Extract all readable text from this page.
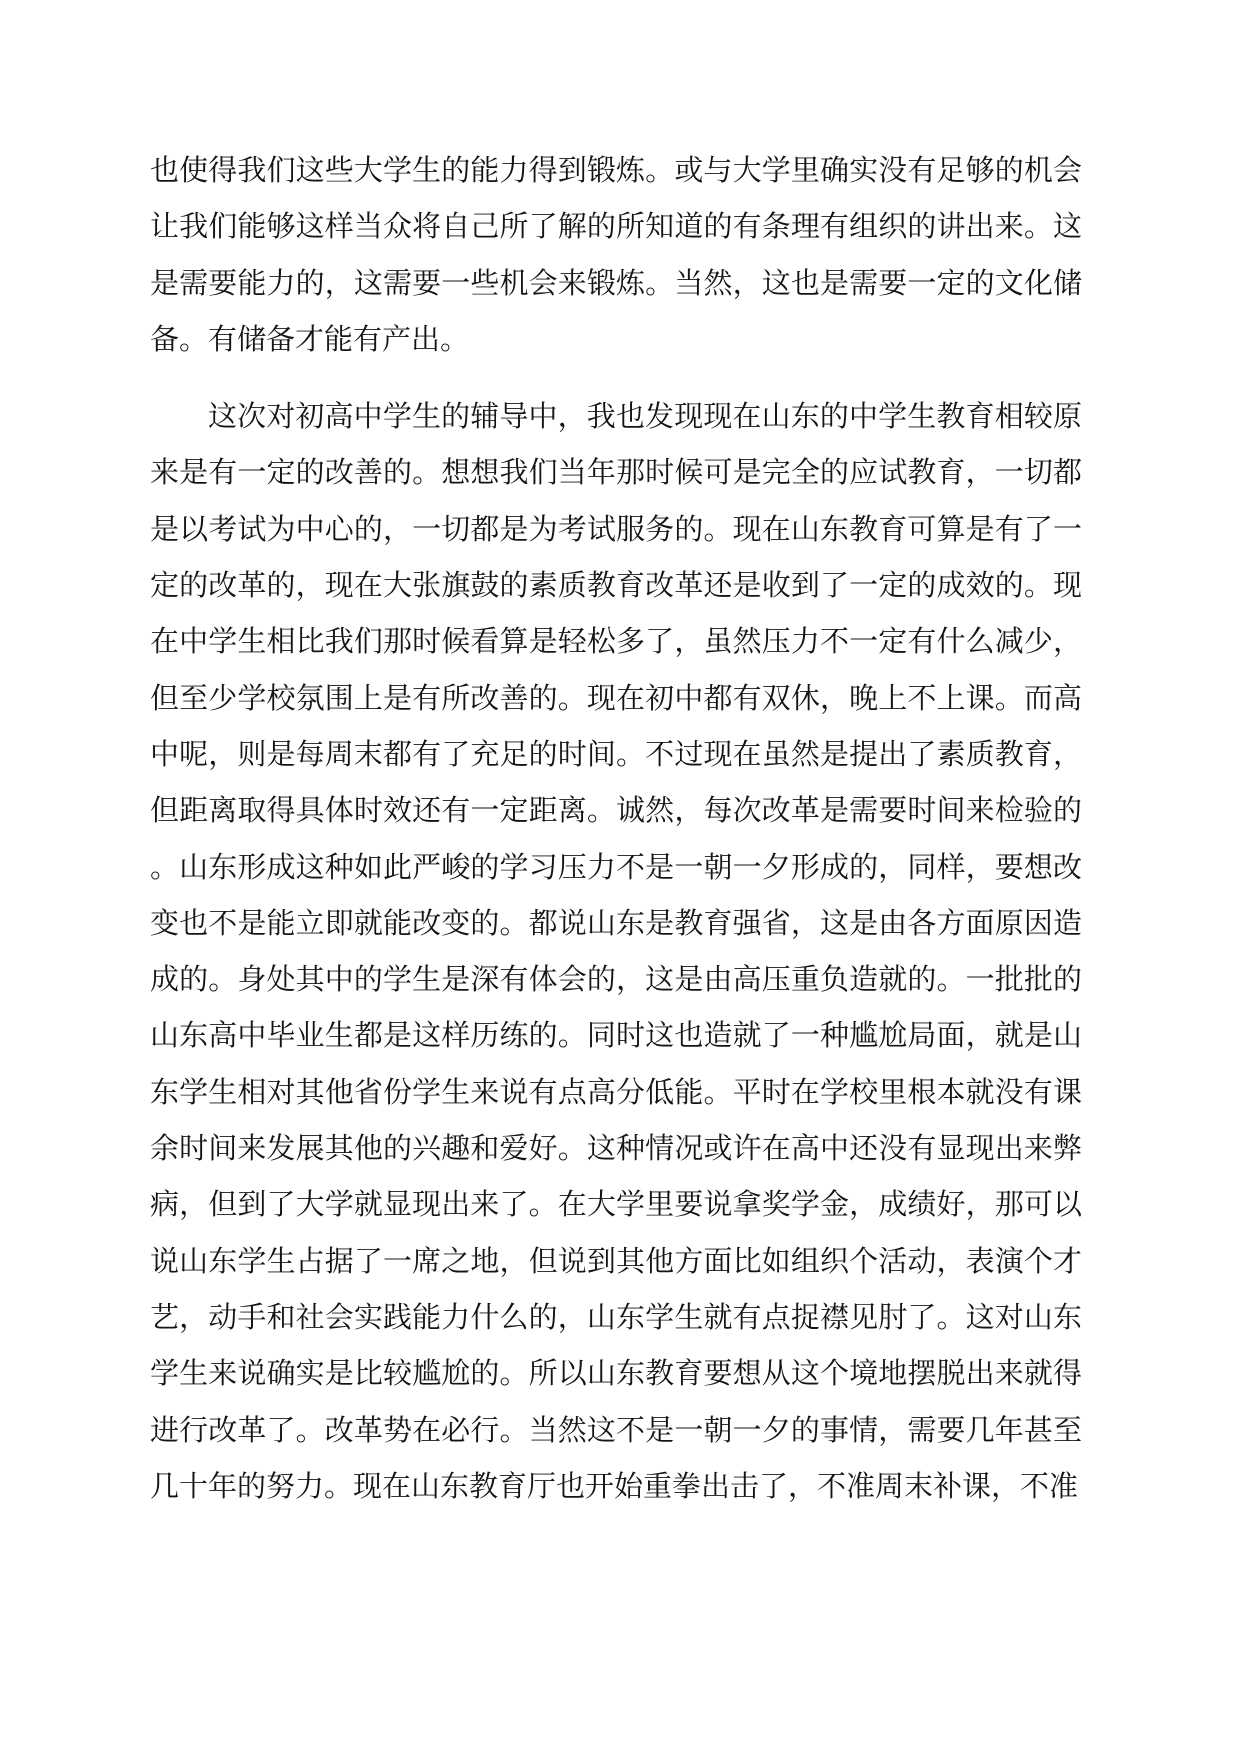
也使得我们这些大学生的能力得到锻炼。或与大学里确实没有足够的机会
让我们能够这样当众将自己所了解的所知道的有条理有组织的讲出来。这
是需要能力的，这需要一些机会来锻炼。当然，这也是需要一定的文化储
备。有储备才能有产出。
这次对初高中学生的辅导中，我也发现现在山东的中学生教育相较原
来是有一定的改善的。想想我们当年那时候可是完全的应试教育，一切都
是以考试为中心的，一切都是为考试服务的。现在山东教育可算是有了一
定的改革的，现在大张旗鼓的素质教育改革还是收到了一定的成效的。现
在中学生相比我们那时候看算是轻松多了，虽然压力不一定有什么减少，
但至少学校氛围上是有所改善的。现在初中都有双休，晚上不上课。而高
中呢，则是每周末都有了充足的时间。不过现在虽然是提出了素质教育，
但距离取得具体时效还有一定距离。诚然，每次改革是需要时间来检验的
。山东形成这种如此严峻的学习压力不是一朝一夕形成的，同样，要想改
变也不是能立即就能改变的。都说山东是教育强省，这是由各方面原因造
成的。身处其中的学生是深有体会的，这是由高压重负造就的。一批批的
山东高中毕业生都是这样历练的。同时这也造就了一种尴尬局面，就是山
东学生相对其他省份学生来说有点高分低能。平时在学校里根本就没有课
余时间来发展其他的兴趣和爱好。这种情况或许在高中还没有显现出来弊
病，但到了大学就显现出来了。在大学里要说拿奖学金，成绩好，那可以
说山东学生占据了一席之地，但说到其他方面比如组织个活动，表演个才
艺，动手和社会实践能力什么的，山东学生就有点捉襟见肘了。这对山东
学生来说确实是比较尴尬的。所以山东教育要想从这个境地摆脱出来就得
进行改革了。改革势在必行。当然这不是一朝一夕的事情，需要几年甚至
几十年的努力。现在山东教育厅也开始重拳出击了，不准周末补课，不准
